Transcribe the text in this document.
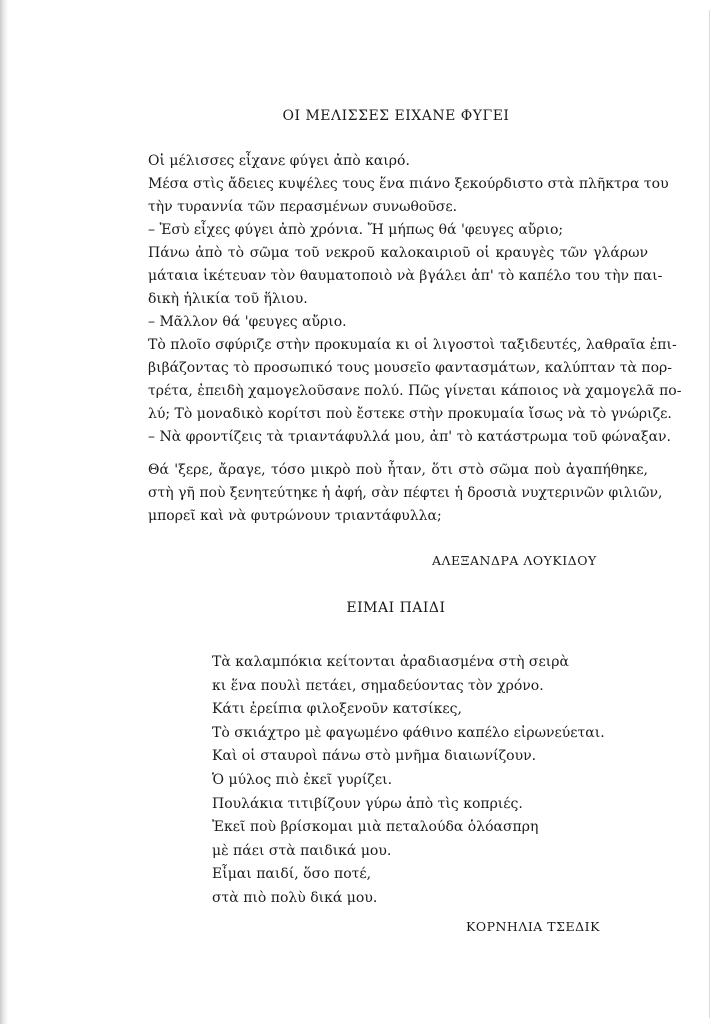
ΟΙ ΜΕΛΙΣΣΕΣ ΕΙΧΑΝΕ ΦΥΓΕΙ
Οἱ μέλισσες εἶχανε φύγει ἀπὸ καιρό.
Μέσα στὶς ἄδειες κυψέλες τους ἕνα πιάνο ξεκούρδιστο στὰ πλῆκτρα του
τὴν τυραννία τῶν περασμένων συνωθοῦσε.
– Ἐσὺ εἶχες φύγει ἀπὸ χρόνια. Ἤ μήπως θά 'φευγες αὔριο;
Πάνω ἀπὸ τὸ σῶμα τοῦ νεκροῦ καλοκαιριοῦ οἱ κραυγὲς τῶν γλάρων
μάταια ἱκέτευαν τὸν θαυματοποιὸ νὰ βγάλει ἀπ' τὸ καπέλο του τὴν παι-
δικὴ ἡλικία τοῦ ἥλιου.
– Μᾶλλον θά 'φευγες αὔριο.
Τὸ πλοῖο σφύριζε στὴν προκυμαία κι οἱ λιγοστοὶ ταξιδευτές, λαθραῖα ἐπι-
βιβάζοντας τὸ προσωπικό τους μουσεῖο φαντασμάτων, καλύπταν τὰ πορ-
τρέτα, ἐπειδὴ χαμογελοῦσανε πολύ. Πῶς γίνεται κάποιος νὰ χαμογελᾶ πο-
λύ; Τὸ μοναδικὸ κορίτσι ποὺ ἔστεκε στὴν προκυμαία ἴσως νὰ τὸ γνώριζε.
– Νὰ φροντίζεις τὰ τριαντάφυλλά μου, ἀπ' τὸ κατάστρωμα τοῦ φώναξαν.
Θά 'ξερε, ἄραγε, τόσο μικρὸ ποὺ ἦταν, ὅτι στὸ σῶμα ποὺ ἀγαπήθηκε,
στὴ γῆ ποὺ ξενητεύτηκε ἡ ἀφή, σὰν πέφτει ἡ δροσιὰ νυχτερινῶν φιλιῶν,
μπορεῖ καὶ νὰ φυτρώνουν τριαντάφυλλα;
ΑΛΕΞΑΝΔΡΑ ΛΟΥΚΙΔΟΥ
ΕΙΜΑΙ ΠΑΙΔΙ
Τὰ καλαμπόκια κείτονται ἀραδιασμένα στὴ σειρὰ
κι ἕνα πουλὶ πετάει, σημαδεύοντας τὸν χρόνο.
Κάτι ἐρείπια φιλοξενοῦν κατσίκες,
Τὸ σκιάχτρο μὲ φαγωμένο φάθινο καπέλο εἰρωνεύεται.
Καὶ οἱ σταυροὶ πάνω στὸ μνῆμα διαιωνίζουν.
Ὁ μύλος πιὸ ἐκεῖ γυρίζει.
Πουλάκια τιτιβίζουν γύρω ἀπὸ τὶς κοπριές.
Ἐκεῖ ποὺ βρίσκομαι μιὰ πεταλούδα ὁλόασπρη
μὲ πάει στὰ παιδικά μου.
Εἶμαι παιδί, ὅσο ποτέ,
στὰ πιὸ πολὺ δικά μου.
ΚΟΡΝΗΛΙΑ ΤΣΕΔΙΚ
